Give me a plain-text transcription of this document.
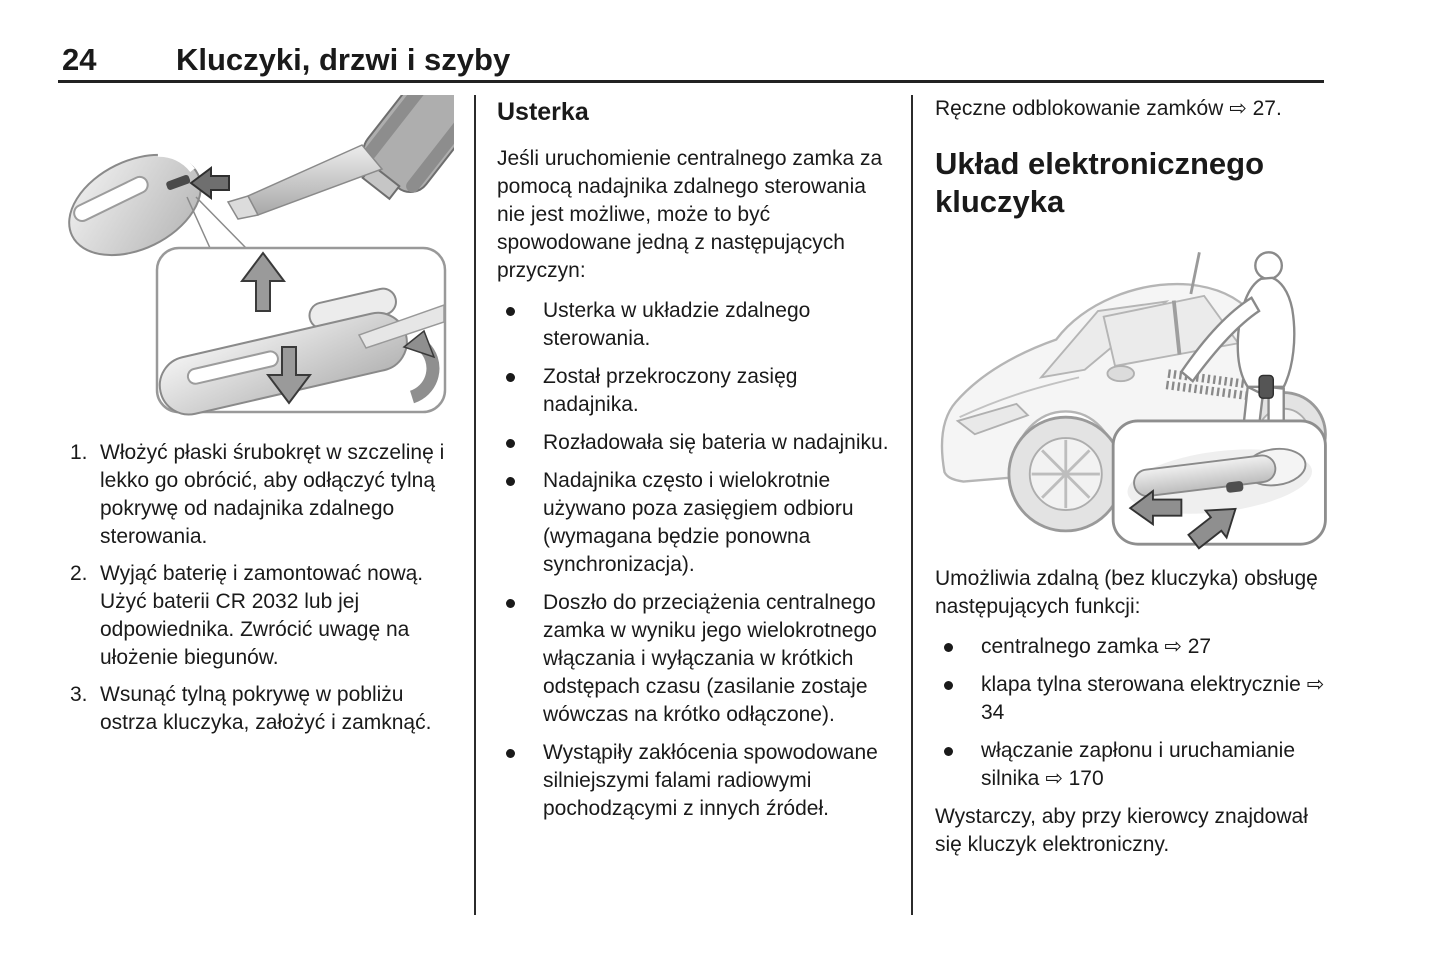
24	Kluczyki, drzwi i szyby
1. Włożyć płaski śrubokręt w szczelinę i lekko go obrócić, aby odłączyć tylną pokrywę od nadajnika zdalnego sterowania.
2. Wyjąć baterię i zamontować nową. Użyć baterii CR 2032 lub jej odpowiednika. Zwrócić uwagę na ułożenie biegunów.
3. Wsunąć tylną pokrywę w pobliżu ostrza kluczyka, założyć i zamknąć.
Usterka

Jeśli uruchomienie centralnego zamka za pomocą nadajnika zdalnego sterowania nie jest możliwe, może to być spowodowane jedną z następujących przyczyn:

Usterka w układzie zdalnego sterowania.
Został przekroczony zasięg nadajnika.
Rozładowała się bateria w nadajniku.
Nadajnika często i wielokrotnie używano poza zasięgiem odbioru (wymagana będzie ponowna synchronizacja).
Doszło do przeciążenia centralnego zamka w wyniku jego wielokrotnego włączania i wyłączania w krótkich odstępach czasu (zasilanie zostaje wówczas na krótko odłączone).
Wystąpiły zakłócenia spowodowane silniejszymi falami radiowymi pochodzącymi z innych źródeł.

Ręczne odblokowanie zamków ⇨ 27.

Układ elektronicznego kluczyka

Umożliwia zdalną (bez kluczyka) obsługę następujących funkcji:

centralnego zamka ⇨ 27
klapa tylna sterowana elektrycznie ⇨ 34
włączanie zapłonu i uruchamianie silnika ⇨ 170

Wystarczy, aby przy kierowcy znajdował się kluczyk elektroniczny.
